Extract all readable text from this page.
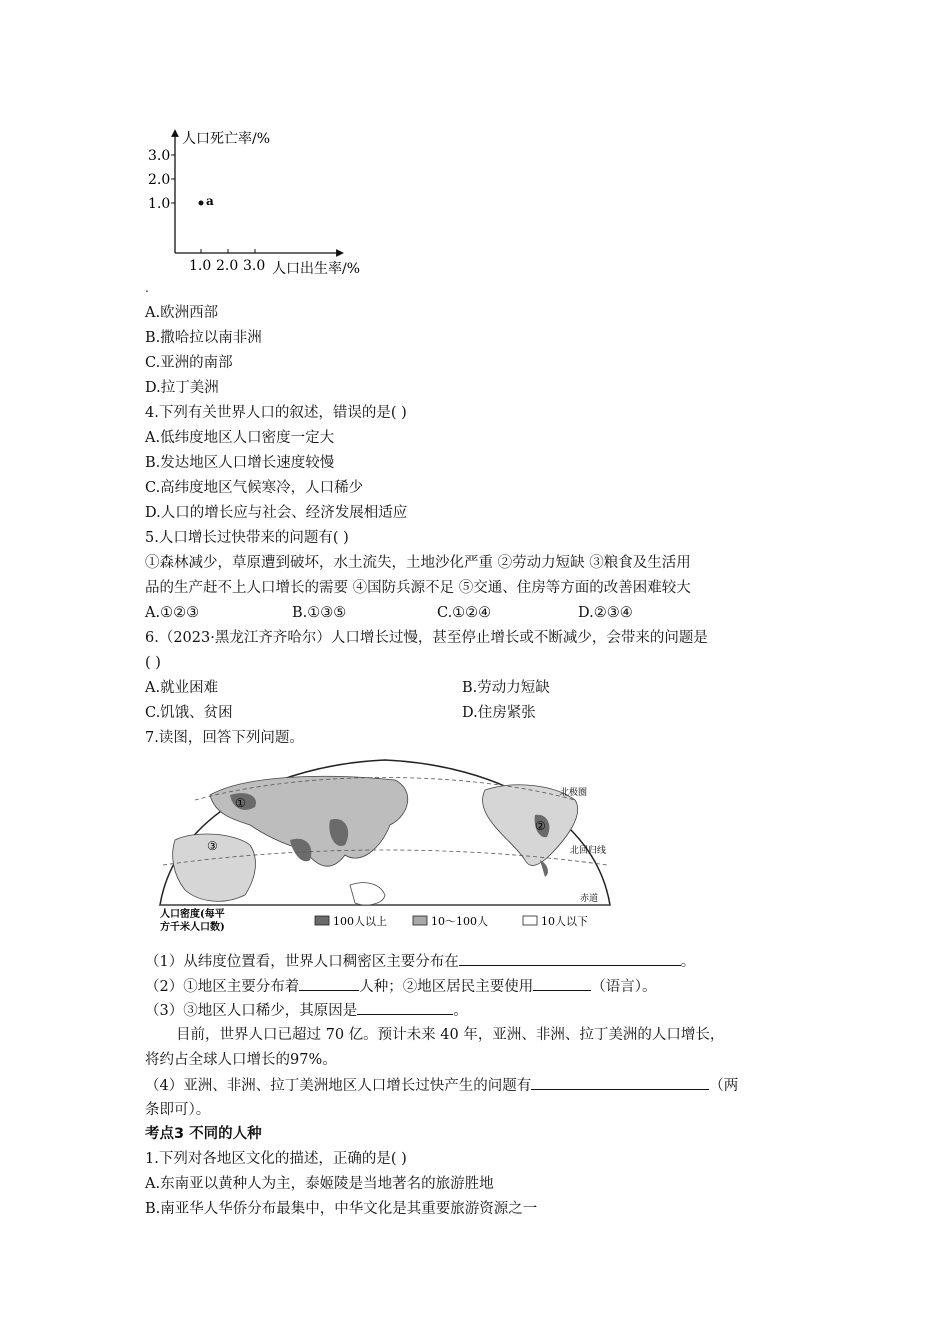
人口死亡率/%
人口出生率/%
3.0
2.0
1.0
1.0 2.0 3.0
a
.
A.欧洲西部
B.撒哈拉以南非洲
C.亚洲的南部
D.拉丁美洲
4.下列有关世界人口的叙述，错误的是( )
A.低纬度地区人口密度一定大
B.发达地区人口增长速度较慢
C.高纬度地区气候寒冷，人口稀少
D.人口的增长应与社会、经济发展相适应
5.人口增长过快带来的问题有( )
①森林减少，草原遭到破坏，水土流失，土地沙化严重 ②劳动力短缺 ③粮食及生活用
品的生产赶不上人口增长的需要 ④国防兵源不足 ⑤交通、住房等方面的改善困难较大
A.①②③	B.①③⑤	C.①②④	D.②③④
6.（2023·黑龙江齐齐哈尔）人口增长过慢，甚至停止增长或不断减少，会带来的问题是
( )
A.就业困难	B.劳动力短缺
C.饥饿、贫困	D.住房紧张
7.读图，回答下列问题。
①
②
③
北极圈
北回归线
赤道
人口密度(每平
方千米人口数)	100人以上	10～100人	10人以下
（1）从纬度位置看，世界人口稠密区主要分布在	。
（2）①地区主要分布着	人种；②地区居民主要使用	（语言）。
（3）③地区人口稀少，其原因是	。
目前，世界人口已超过 70 亿。预计未来 40 年，亚洲、非洲、拉丁美洲的人口增长，
将约占全球人口增长的97%。
（4）亚洲、非洲、拉丁美洲地区人口增长过快产生的问题有	（两
条即可）。
考点3 不同的人种
1.下列对各地区文化的描述，正确的是( )
A.东南亚以黄种人为主，泰姬陵是当地著名的旅游胜地
B.南亚华人华侨分布最集中，中华文化是其重要旅游资源之一
